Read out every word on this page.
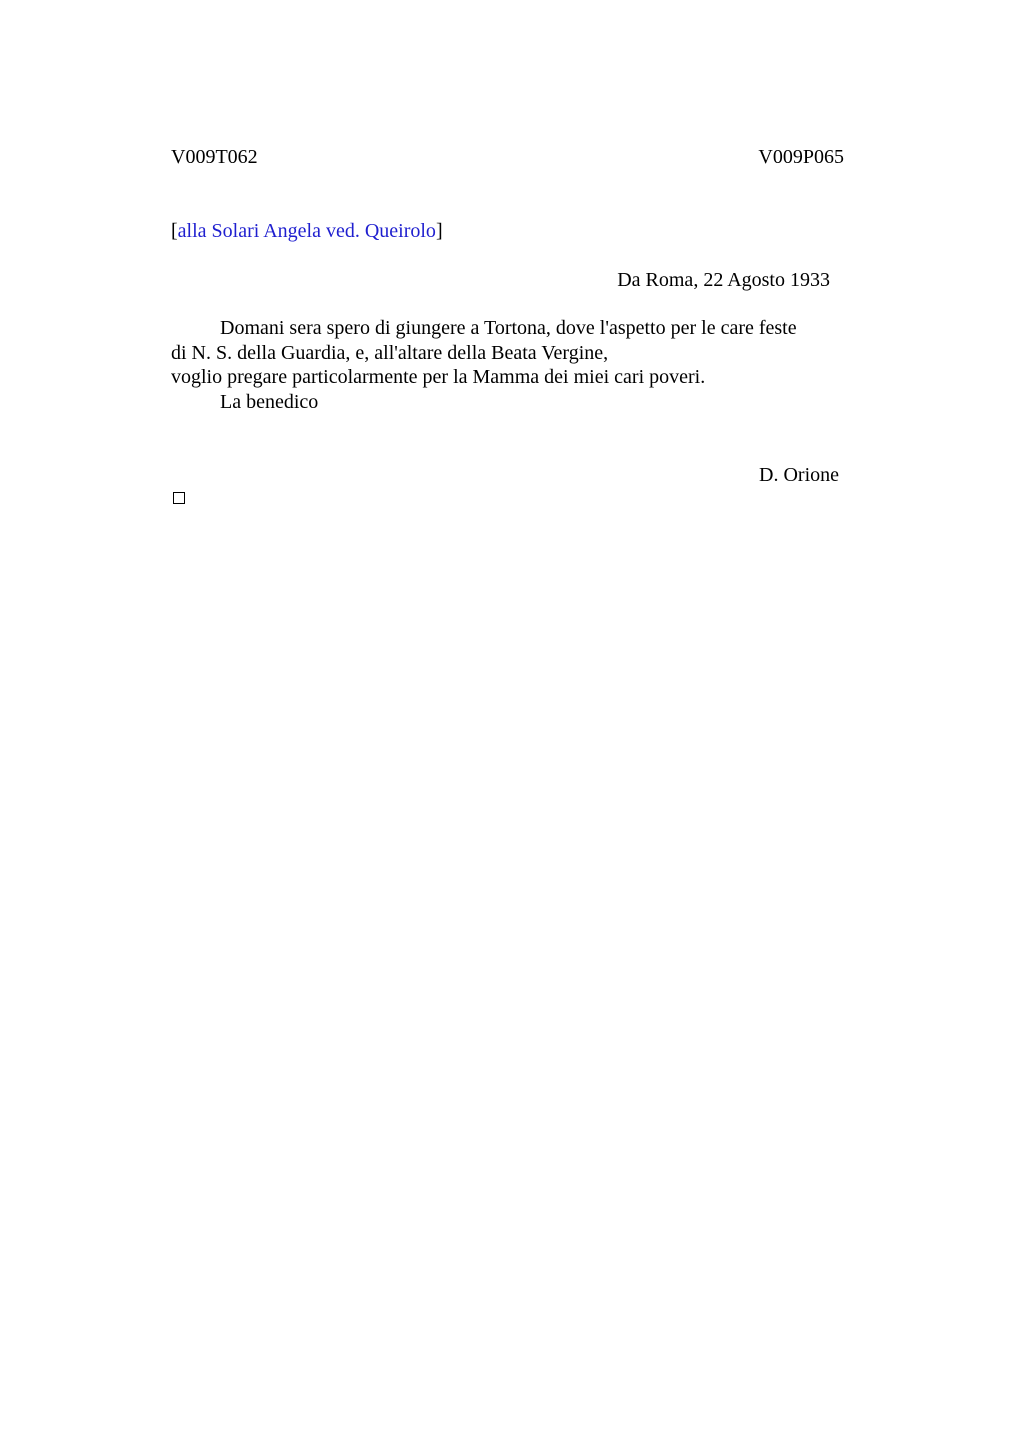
V009T062	V009P065
[alla Solari Angela ved. Queirolo]
Da Roma, 22 Agosto 1933
Domani sera spero di giungere a Tortona, dove l'aspetto per le care feste
di N. S. della Guardia, e, all'altare della Beata Vergine,
voglio pregare particolarmente per la Mamma dei miei cari poveri.
La benedico
D. Orione
